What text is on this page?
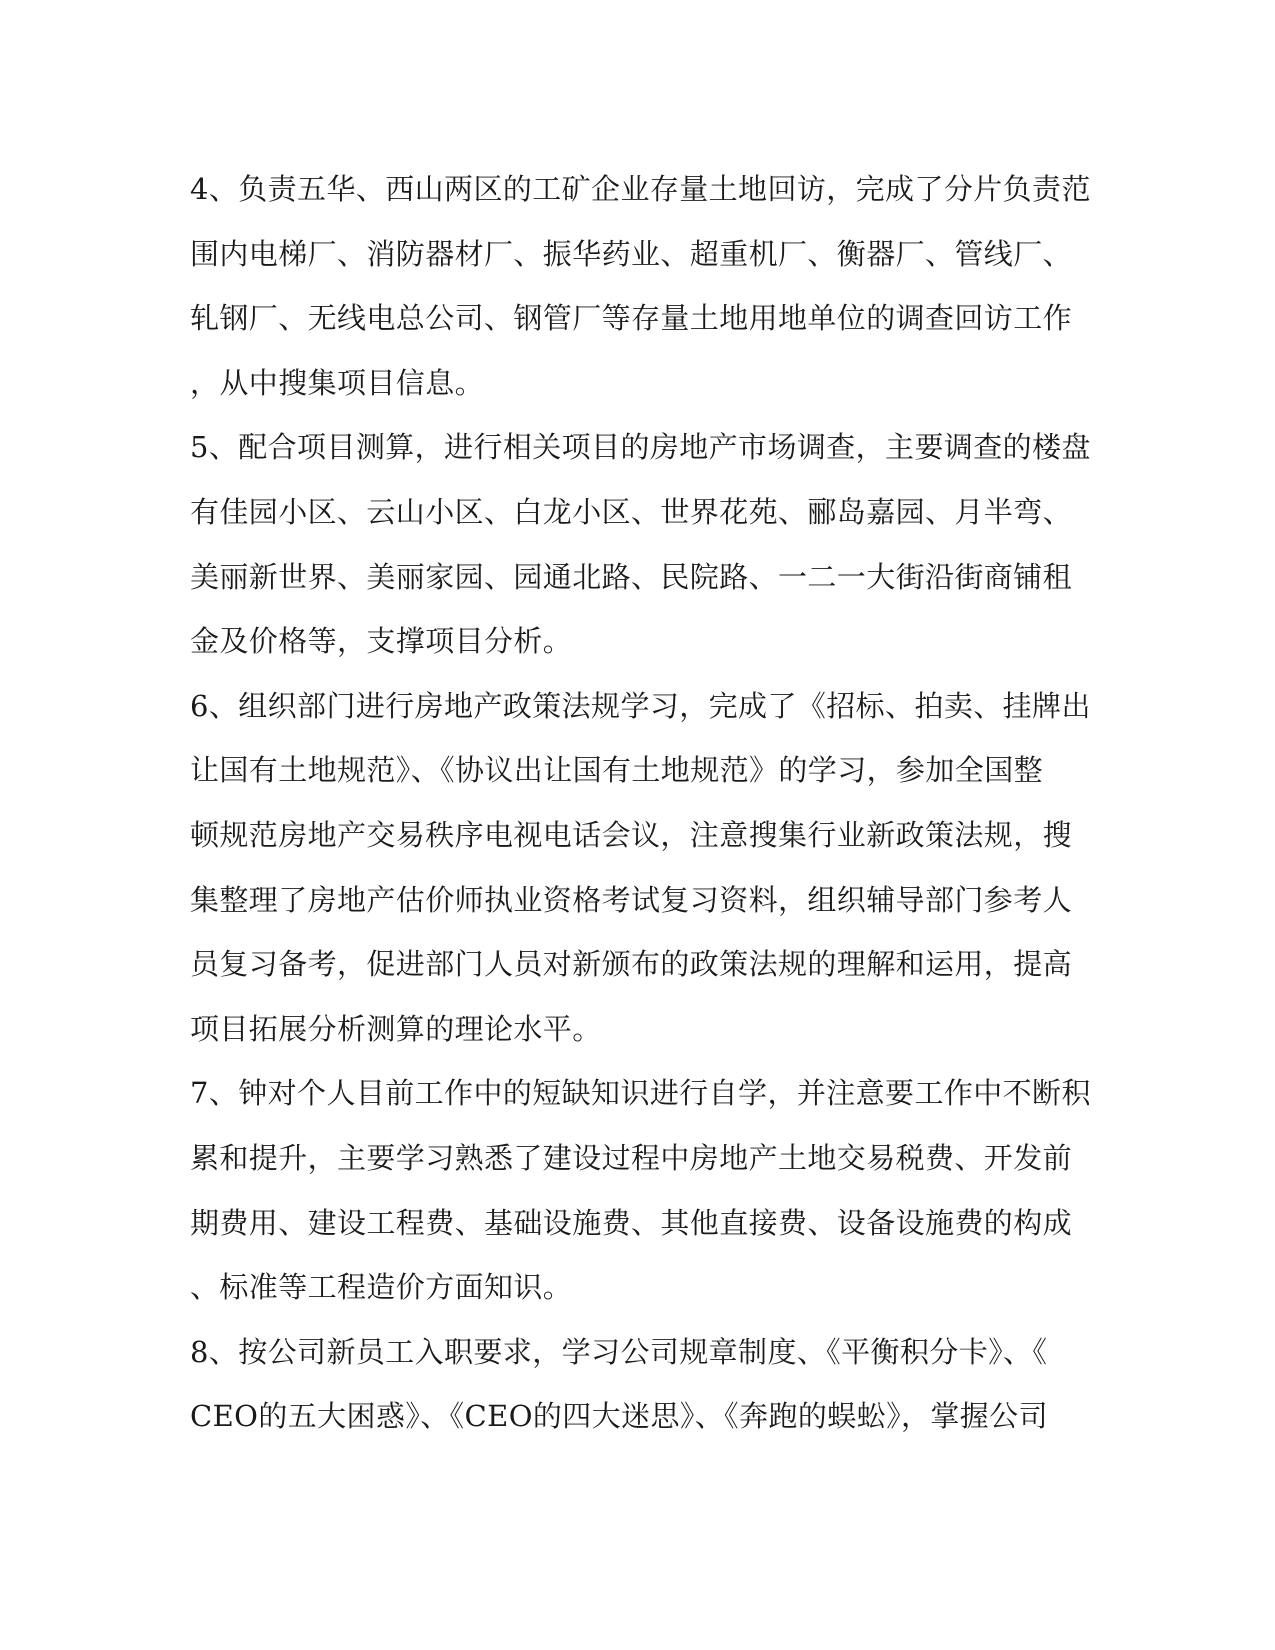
4、负责五华、西山两区的工矿企业存量土地回访，完成了分片负责范
围内电梯厂、消防器材厂、振华药业、超重机厂、衡器厂、管线厂、
轧钢厂、无线电总公司、钢管厂等存量土地用地单位的调查回访工作
，从中搜集项目信息。
5、配合项目测算，进行相关项目的房地产市场调查，主要调查的楼盘
有佳园小区、云山小区、白龙小区、世界花苑、郦岛嘉园、月半弯、
美丽新世界、美丽家园、园通北路、民院路、一二一大街沿街商铺租
金及价格等，支撑项目分析。
6、组织部门进行房地产政策法规学习，完成了《招标、拍卖、挂牌出
让国有土地规范》、《协议出让国有土地规范》的学习，参加全国整
顿规范房地产交易秩序电视电话会议，注意搜集行业新政策法规，搜
集整理了房地产估价师执业资格考试复习资料，组织辅导部门参考人
员复习备考，促进部门人员对新颁布的政策法规的理解和运用，提高
项目拓展分析测算的理论水平。
7、钟对个人目前工作中的短缺知识进行自学，并注意要工作中不断积
累和提升，主要学习熟悉了建设过程中房地产土地交易税费、开发前
期费用、建设工程费、基础设施费、其他直接费、设备设施费的构成
、标准等工程造价方面知识。
8、按公司新员工入职要求，学习公司规章制度、《平衡积分卡》、《
CEO的五大困惑》、《CEO的四大迷思》、《奔跑的蜈蚣》，掌握公司
